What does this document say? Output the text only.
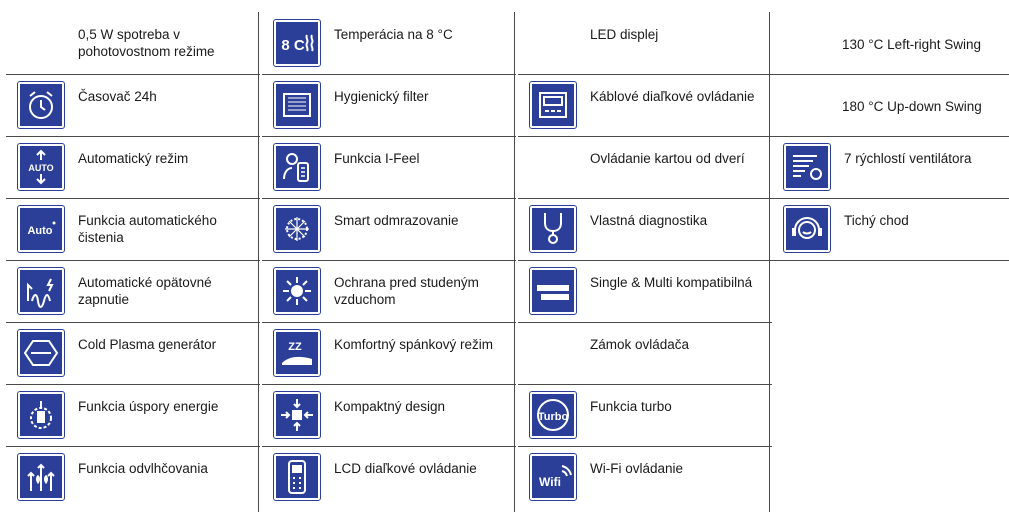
0,5 W spotreba v pohotovostnom režime
Časovač 24h
AUTO
Automatický režim
Auto
Funkcia automatického čistenia
Automatické opätovné zapnutie
Cold Plasma generátor
Funkcia úspory energie
Funkcia odvlhčovania
8 C
Temperácia na 8 °C
Hygienický filter
Funkcia I-Feel
Smart odmrazovanie
Ochrana pred studeným vzduchom
ZZ Komfortný spánkový režim
Kompaktný design
LCD diaľkové ovládanie
LED displej
Káblové diaľkové ovládanie
Ovládanie kartou od dverí
Vlastná diagnostika
Single & Multi kompatibilná
Zámok ovládača
Turbo
Funkcia turbo
Wifi
Wi-Fi ovládanie
130 °C Left-right Swing
180 °C Up-down Swing
7 rýchlostí ventilátora
Tichý chod
